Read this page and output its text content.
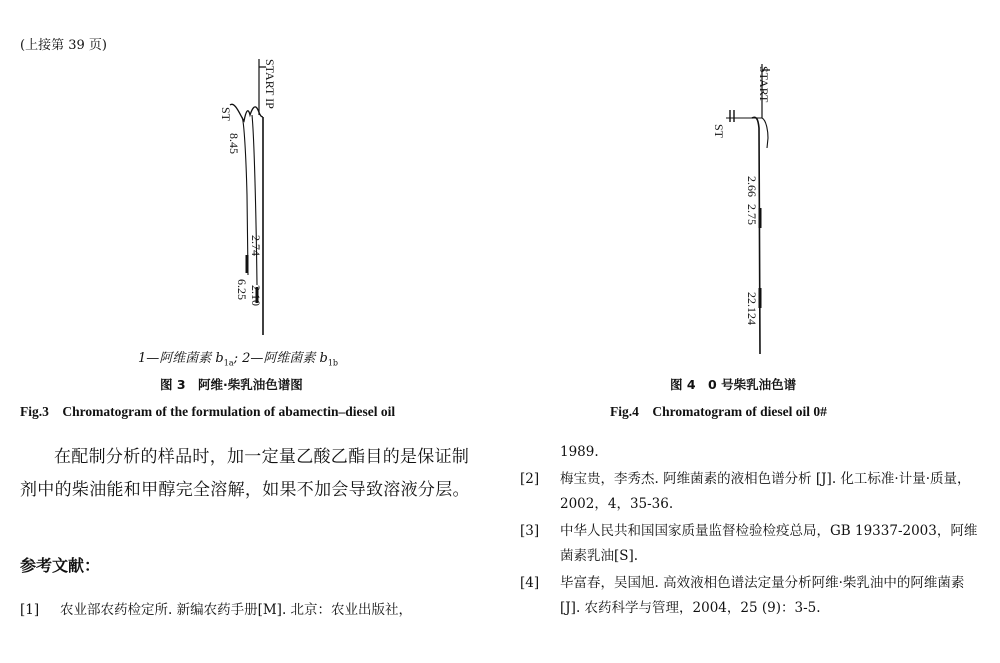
(上接第 39 页)
START IP
ST
8.45
2.74
6.25 2.10
1—阿维菌素 $b_{1a}$; 2—阿维菌素 $b_{1b}$
图 3　阿维·柴乳油色谱图
Fig.3　Chromatogram of the formulation of abamectin–diesel oil
START
ST
2.66
2.75
22.124
图 4　0 号柴乳油色谱
Fig.4　Chromatogram of diesel oil 0#
在配制分析的样品时，加一定量乙酸乙酯目的是保证制剂中的柴油能和甲醇完全溶解，如果不加会导致溶液分层。
参考文献：
[1] 农业部农药检定所. 新编农药手册[M]. 北京：农业出版社，
1989.
[2] 梅宝贵，李秀杰. 阿维菌素的液相色谱分析 [J]. 化工标准·计量·质量，2002，4，35-36.
[3] 中华人民共和国国家质量监督检验检疫总局，GB 19337-2003，阿维菌素乳油[S].
[4] 毕富春，吴国旭. 高效液相色谱法定量分析阿维·柴乳油中的阿维菌素[J]. 农药科学与管理，2004，25 (9)：3-5.
